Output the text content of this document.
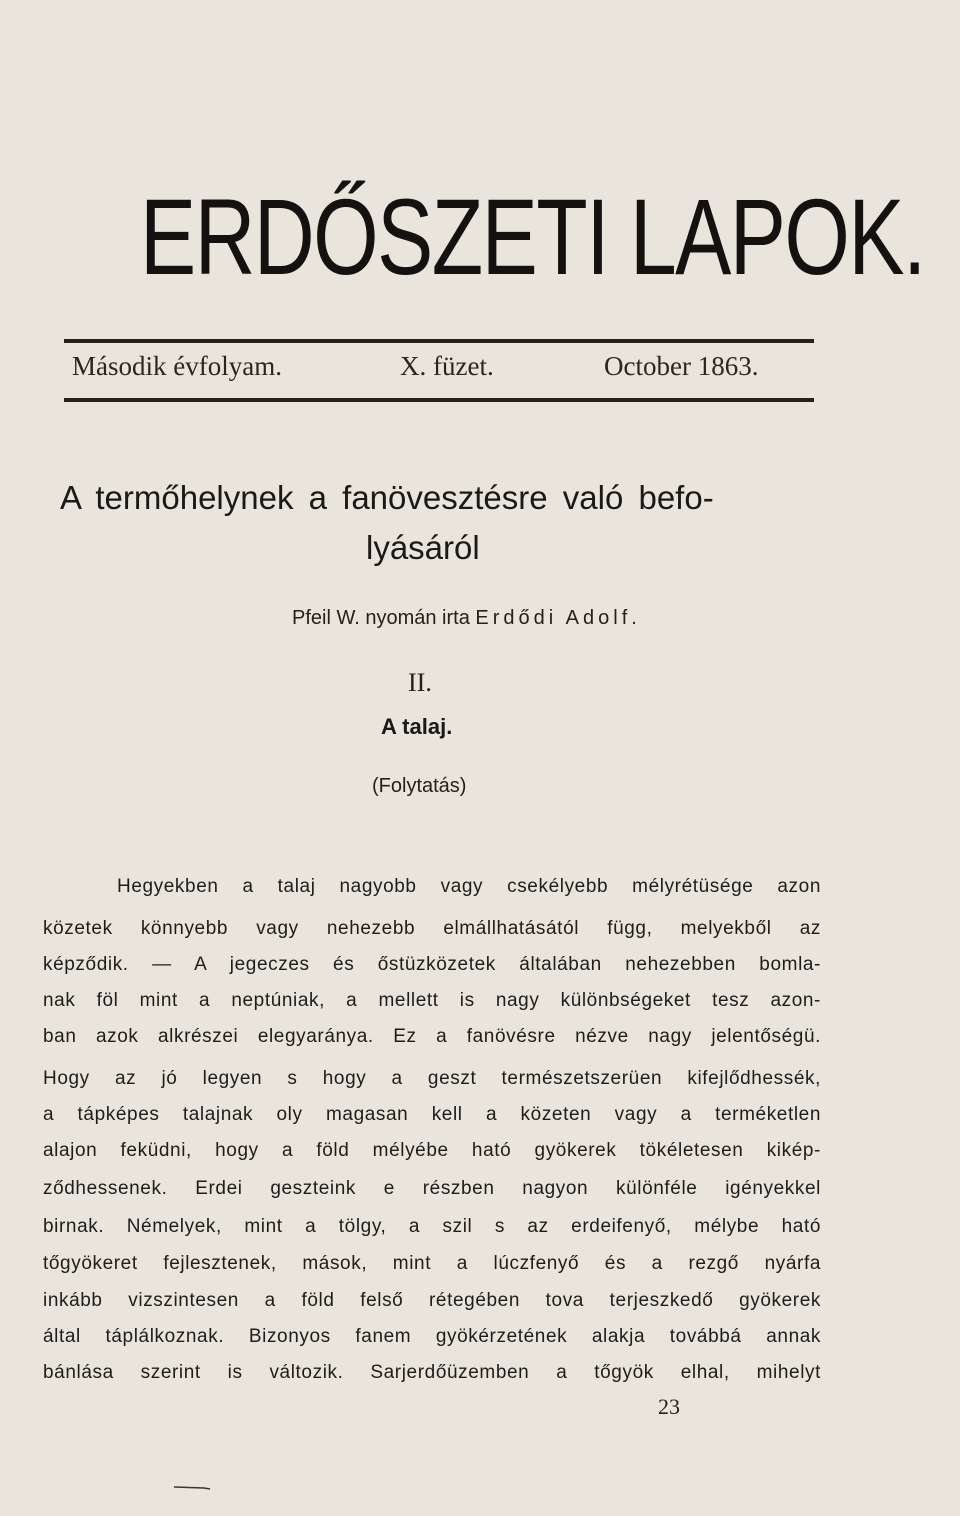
ERDŐSZETI LAPOK.
Második évfolyam.	X. füzet.	October 1863.
A termőhelynek a fanövesztésre való befo-
lyásáról
Pfeil W. nyomán irta Erdődi Adolf.
II.
A talaj.
(Folytatás)
Hegyekben a talaj nagyobb vagy csekélyebb mélyrétüsége azon
közetek könnyebb vagy nehezebb elmállhatásától függ, melyekből az
képződik. — A jegeczes és őstüzközetek általában nehezebben bomla-
nak föl mint a neptúniak, a mellett is nagy különbségeket tesz azon-
ban azok alkrészei elegyaránya. Ez a fanövésre nézve nagy jelentőségü.
Hogy az jó legyen s hogy a geszt természetszerüen kifejlődhessék,
a tápképes talajnak oly magasan kell a közeten vagy a terméketlen
alajon feküdni, hogy a föld mélyébe ható gyökerek tökéletesen kikép-
ződhessenek. Erdei geszteink e részben nagyon különféle igényekkel
birnak. Némelyek, mint a tölgy, a szil s az erdeifenyő, mélybe ható
tőgyökeret fejlesztenek, mások, mint a lúczfenyő és a rezgő nyárfa
inkább vizszintesen a föld felső rétegében tova terjeszkedő gyökerek
által táplálkoznak. Bizonyos fanem gyökérzetének alakja továbbá annak
bánlása szerint is változik. Sarjerdőüzemben a tőgyök elhal, mihelyt
23
